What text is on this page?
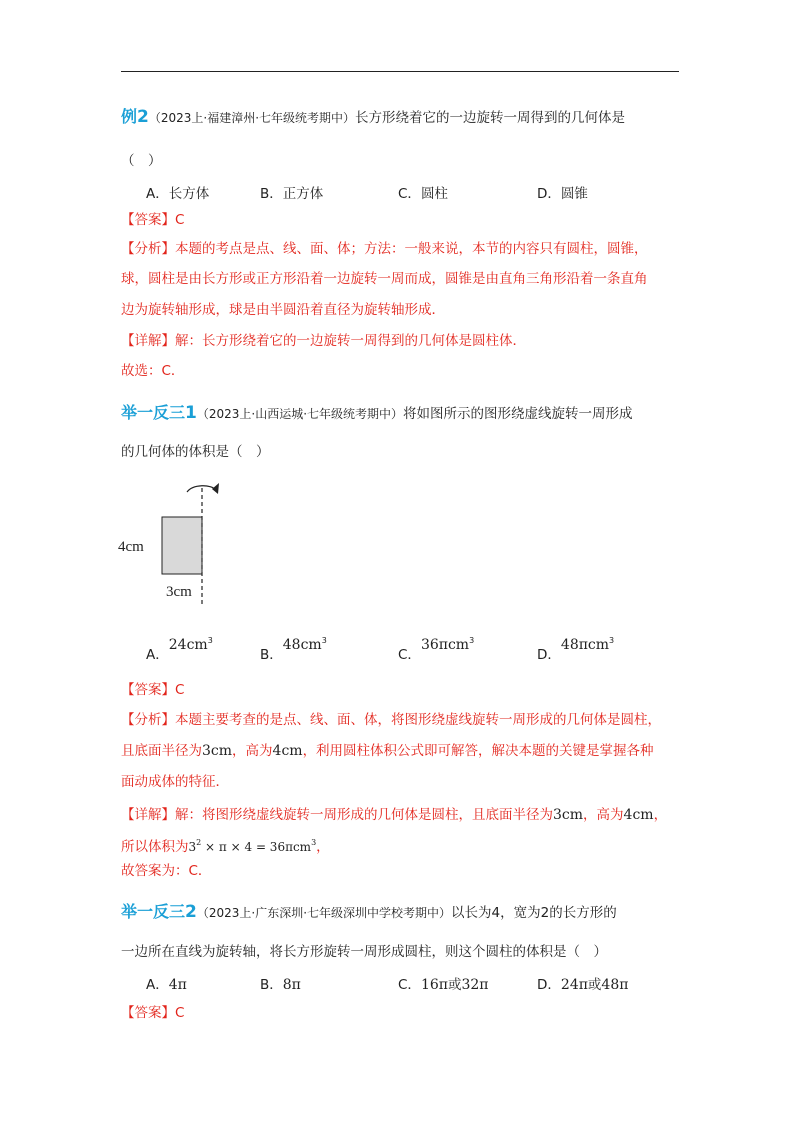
例2（2023上·福建漳州·七年级统考期中）长方形绕着它的一边旋转一周得到的几何体是
（　）
A．长方体	B．正方体	C．圆柱	D．圆锥
【答案】C
【分析】本题的考点是点、线、面、体；方法：一般来说，本节的内容只有圆柱，圆锥，
球，圆柱是由长方形或正方形沿着一边旋转一周而成，圆锥是由直角三角形沿着一条直角
边为旋转轴形成，球是由半圆沿着直径为旋转轴形成．
【详解】解：长方形绕着它的一边旋转一周得到的几何体是圆柱体．
故选：C．
举一反三1（2023上·山西运城·七年级统考期中）将如图所示的图形绕虚线旋转一周形成
的几何体的体积是（　）
4cm
3cm
A．$24cm^3$
B．$48cm^3$
C．36πcm$^3$
D．48πcm$^3$
【答案】C
【分析】本题主要考查的是点、线、面、体，将图形绕虚线旋转一周形成的几何体是圆柱，
且底面半径为3cm，高为4cm，利用圆柱体积公式即可解答，解决本题的关键是掌握各种
面动成体的特征．
【详解】解：将图形绕虚线旋转一周形成的几何体是圆柱，且底面半径为3cm，高为4cm，
所以体积为$3^2 \times \pi \times 4 = 36\pi cm^3$，
故答案为：C．
举一反三2（2023上·广东深圳·七年级深圳中学校考期中）以长为4，宽为2的长方形的
一边所在直线为旋转轴，将长方形旋转一周形成圆柱，则这个圆柱的体积是（　）
A．4π	B．8π	C．16π或32π	D．24π或48π
【答案】C
